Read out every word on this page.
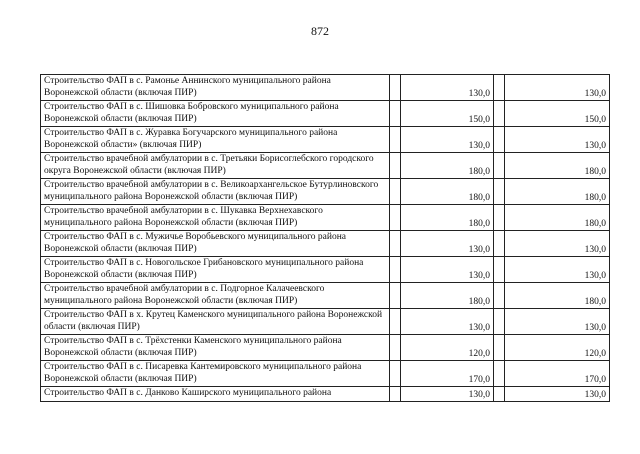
872
Строительство ФАП в с. Рамонье Аннинского муниципального района Воронежской области (включая ПИР)		130,0		130,0
Строительство ФАП в с. Шишовка Бобровского муниципального района Воронежской области (включая ПИР)		150,0		150,0
Строительство ФАП в с. Журавка Богучарского муниципального района Воронежской области» (включая ПИР)		130,0		130,0
Строительство врачебной амбулатории в с. Третьяки Борисоглебского городского округа Воронежской области (включая ПИР)		180,0		180,0
Строительство врачебной амбулатории в с. Великоархангельское Бутурлиновского муниципального района Воронежской области (включая ПИР)		180,0		180,0
Строительство врачебной амбулатории в с. Шукавка Верхнехавского муниципального района Воронежской области (включая ПИР)		180,0		180,0
Строительство ФАП в с. Мужичье Воробьевского муниципального района Воронежской области (включая ПИР)		130,0		130,0
Строительство ФАП в с. Новогольское Грибановского муниципального района Воронежской области (включая ПИР)		130,0		130,0
Строительство врачебной амбулатории в с. Подгорное Калачеевского муниципального района Воронежской области (включая ПИР)		180,0		180,0
Строительство ФАП в х. Крутец Каменского муниципального района Воронежской области (включая ПИР)		130,0		130,0
Строительство ФАП в с. Трёхстенки Каменского муниципального района Воронежской области (включая ПИР)		120,0		120,0
Строительство ФАП в с. Писаревка Кантемировского муниципального района Воронежской области (включая ПИР)		170,0		170,0
Строительство ФАП в с. Данково Каширского муниципального района		130,0		130,0
